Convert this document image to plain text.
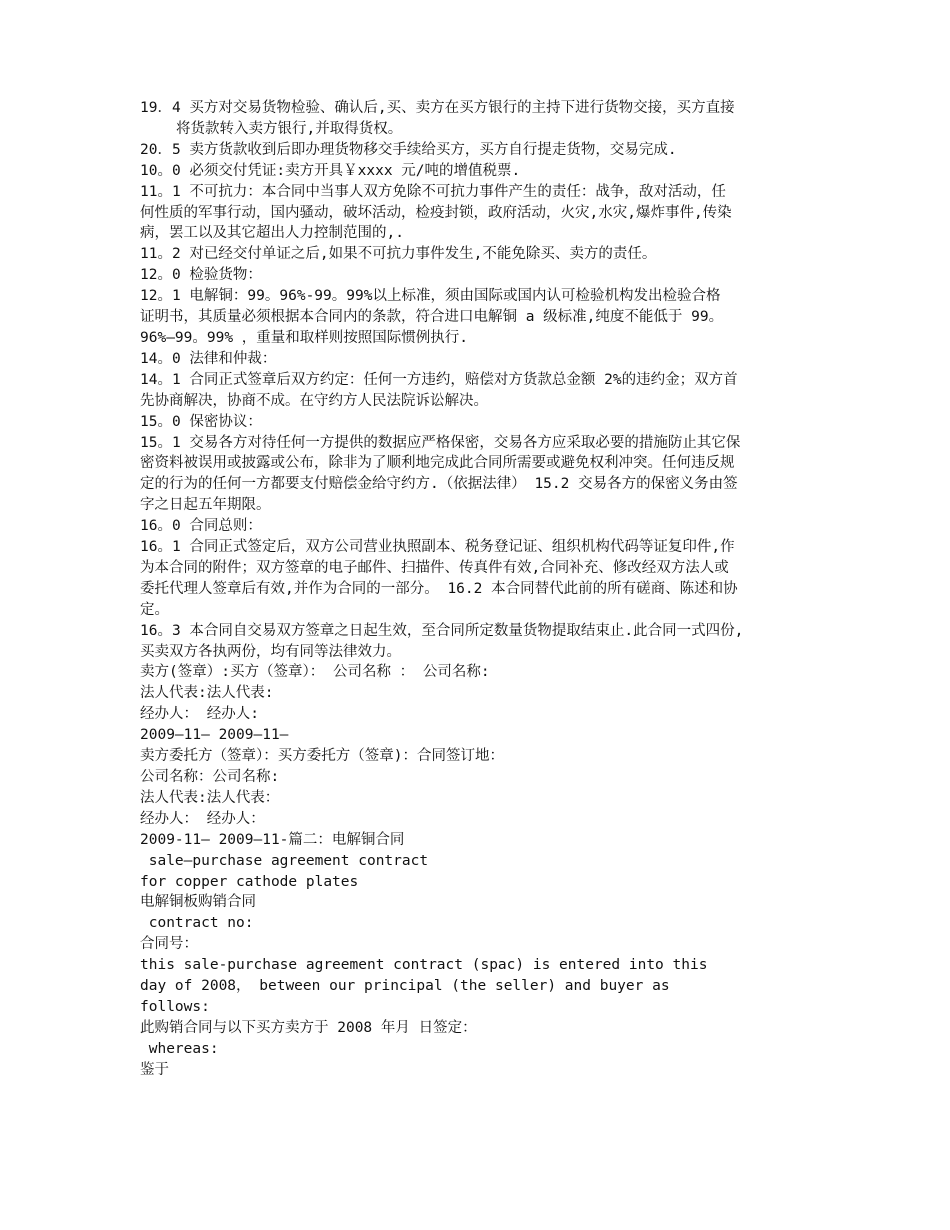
19．4 买方对交易货物检验、确认后,买、卖方在买方银行的主持下进行货物交接，买方直接

将货款转入卖方银行,并取得货权。

20．5 卖方货款收到后即办理货物移交手续给买方，买方自行提走货物，交易完成.

10。0 必须交付凭证:卖方开具￥xxxx 元/吨的增值税票.

11。1 不可抗力：本合同中当事人双方免除不可抗力事件产生的责任：战争，敌对活动，任

何性质的军事行动，国内骚动，破坏活动，检疫封锁，政府活动，火灾,水灾,爆炸事件,传染

病，罢工以及其它超出人力控制范围的,.

11。2 对已经交付单证之后,如果不可抗力事件发生,不能免除买、卖方的责任。

12。0 检验货物：

12。1 电解铜：99。96%-99。99%以上标准，须由国际或国内认可检验机构发出检验合格

证明书，其质量必须根据本合同内的条款，符合进口电解铜 a 级标准,纯度不能低于 99。

96%—99。99% ，重量和取样则按照国际惯例执行.

14。0 法律和仲裁：

14。1 合同正式签章后双方约定：任何一方违约，赔偿对方货款总金额 2%的违约金；双方首

先协商解决，协商不成。在守约方人民法院诉讼解决。

15。0 保密协议：

15。1 交易各方对待任何一方提供的数据应严格保密，交易各方应采取必要的措施防止其它保

密资料被误用或披露或公布，除非为了顺利地完成此合同所需要或避免权利冲突。任何违反规

定的行为的任何一方都要支付赔偿金给守约方.（依据法律） 15.2 交易各方的保密义务由签

字之日起五年期限。

16。0 合同总则：

16。1 合同正式签定后，双方公司营业执照副本、税务登记证、组织机构代码等证复印件,作

为本合同的附件；双方签章的电子邮件、扫描件、传真件有效,合同补充、修改经双方法人或

委托代理人签章后有效,并作为合同的一部分。 16.2 本合同替代此前的所有磋商、陈述和协

定。

16。3 本合同自交易双方签章之日起生效，至合同所定数量货物提取结束止.此合同一式四份,

买卖双方各执两份，均有同等法律效力。

卖方(签章）:买方（签章）： 公司名称 ： 公司名称:

法人代表:法人代表:

经办人： 经办人:

2009—11— 2009—11—

卖方委托方（签章）：买方委托方（签章)：合同签订地：

公司名称：公司名称:

法人代表:法人代表：

经办人： 经办人：

2009-11— 2009—11-篇二：电解铜合同

sale—purchase agreement contract

for copper cathode plates

电解铜板购销合同

contract no:

合同号：

this sale-purchase agreement contract (spac) is entered into this

day of 2008， between our principal (the seller) and buyer as

follows:

此购销合同与以下买方卖方于 2008 年月 日签定：

whereas:

鉴于
